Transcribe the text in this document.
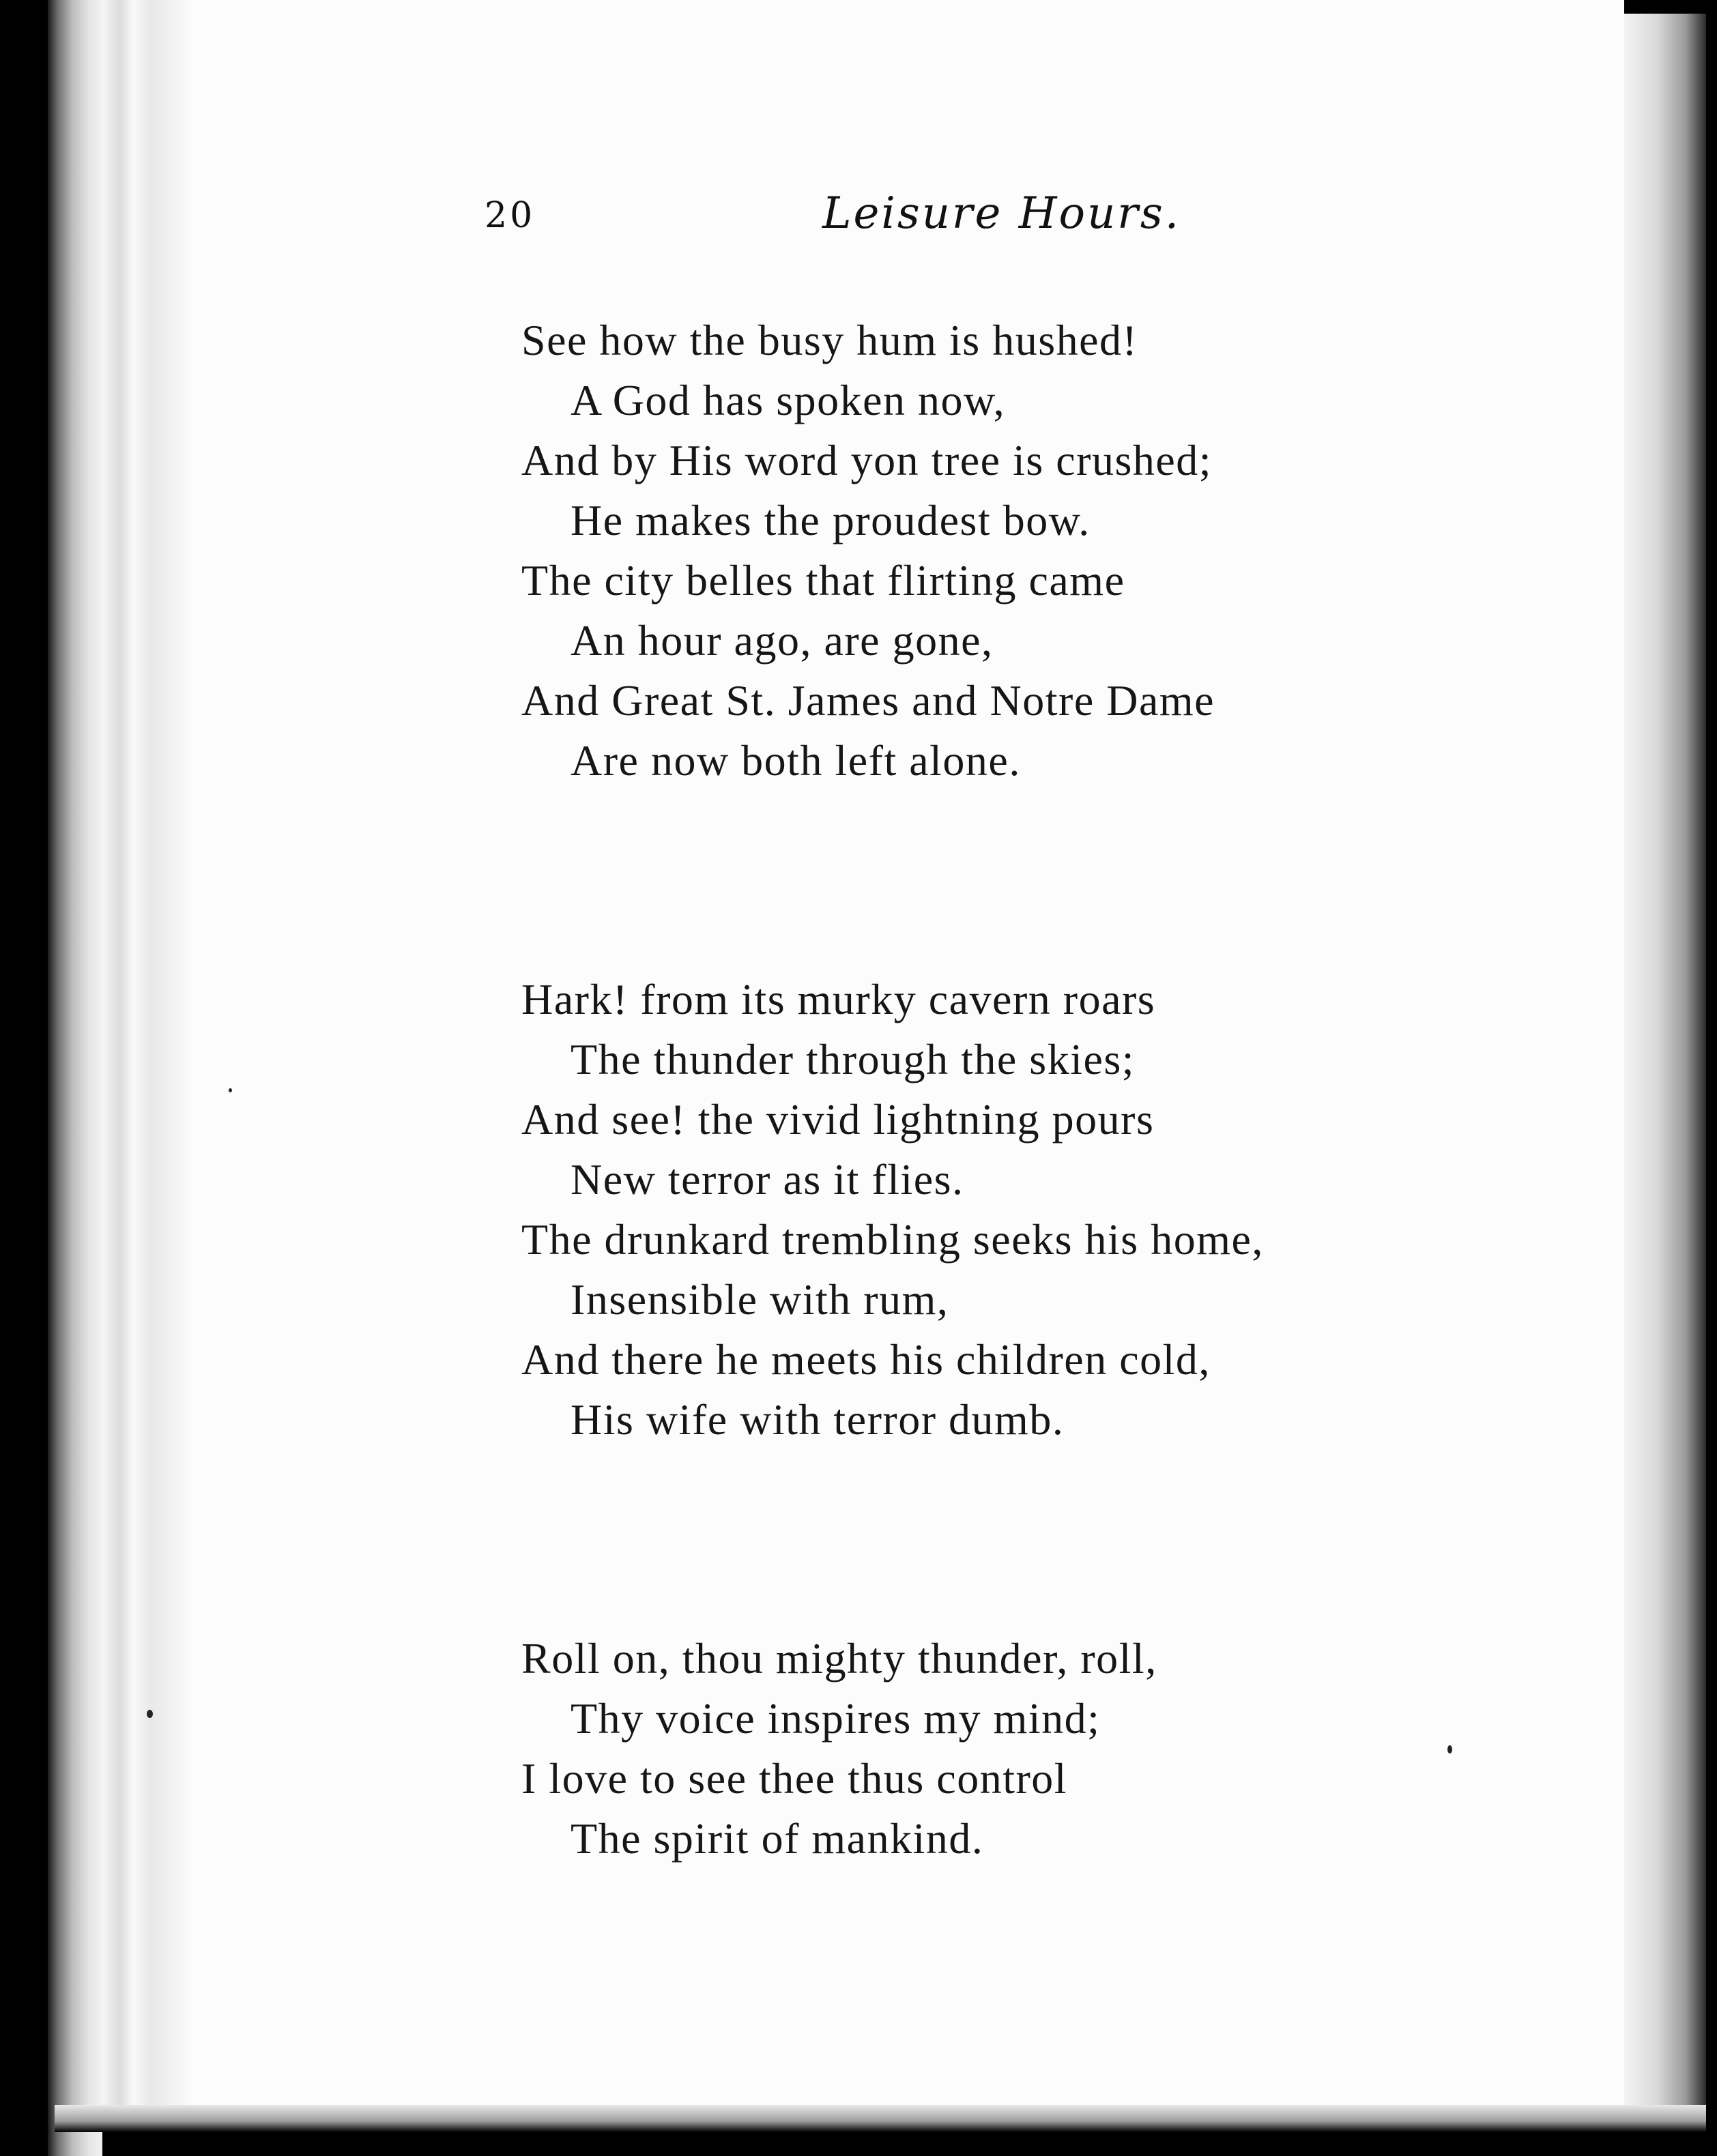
20	Leisure Hours.
See how the busy hum is hushed!
A God has spoken now,
And by His word yon tree is crushed;
He makes the proudest bow.
The city belles that flirting came
An hour ago, are gone,
And Great St. James and Notre Dame
Are now both left alone.
Hark! from its murky cavern roars
The thunder through the skies;
And see! the vivid lightning pours
New terror as it flies.
The drunkard trembling seeks his home,
Insensible with rum,
And there he meets his children cold,
His wife with terror dumb.
Roll on, thou mighty thunder, roll,
Thy voice inspires my mind;
I love to see thee thus control
The spirit of mankind.
